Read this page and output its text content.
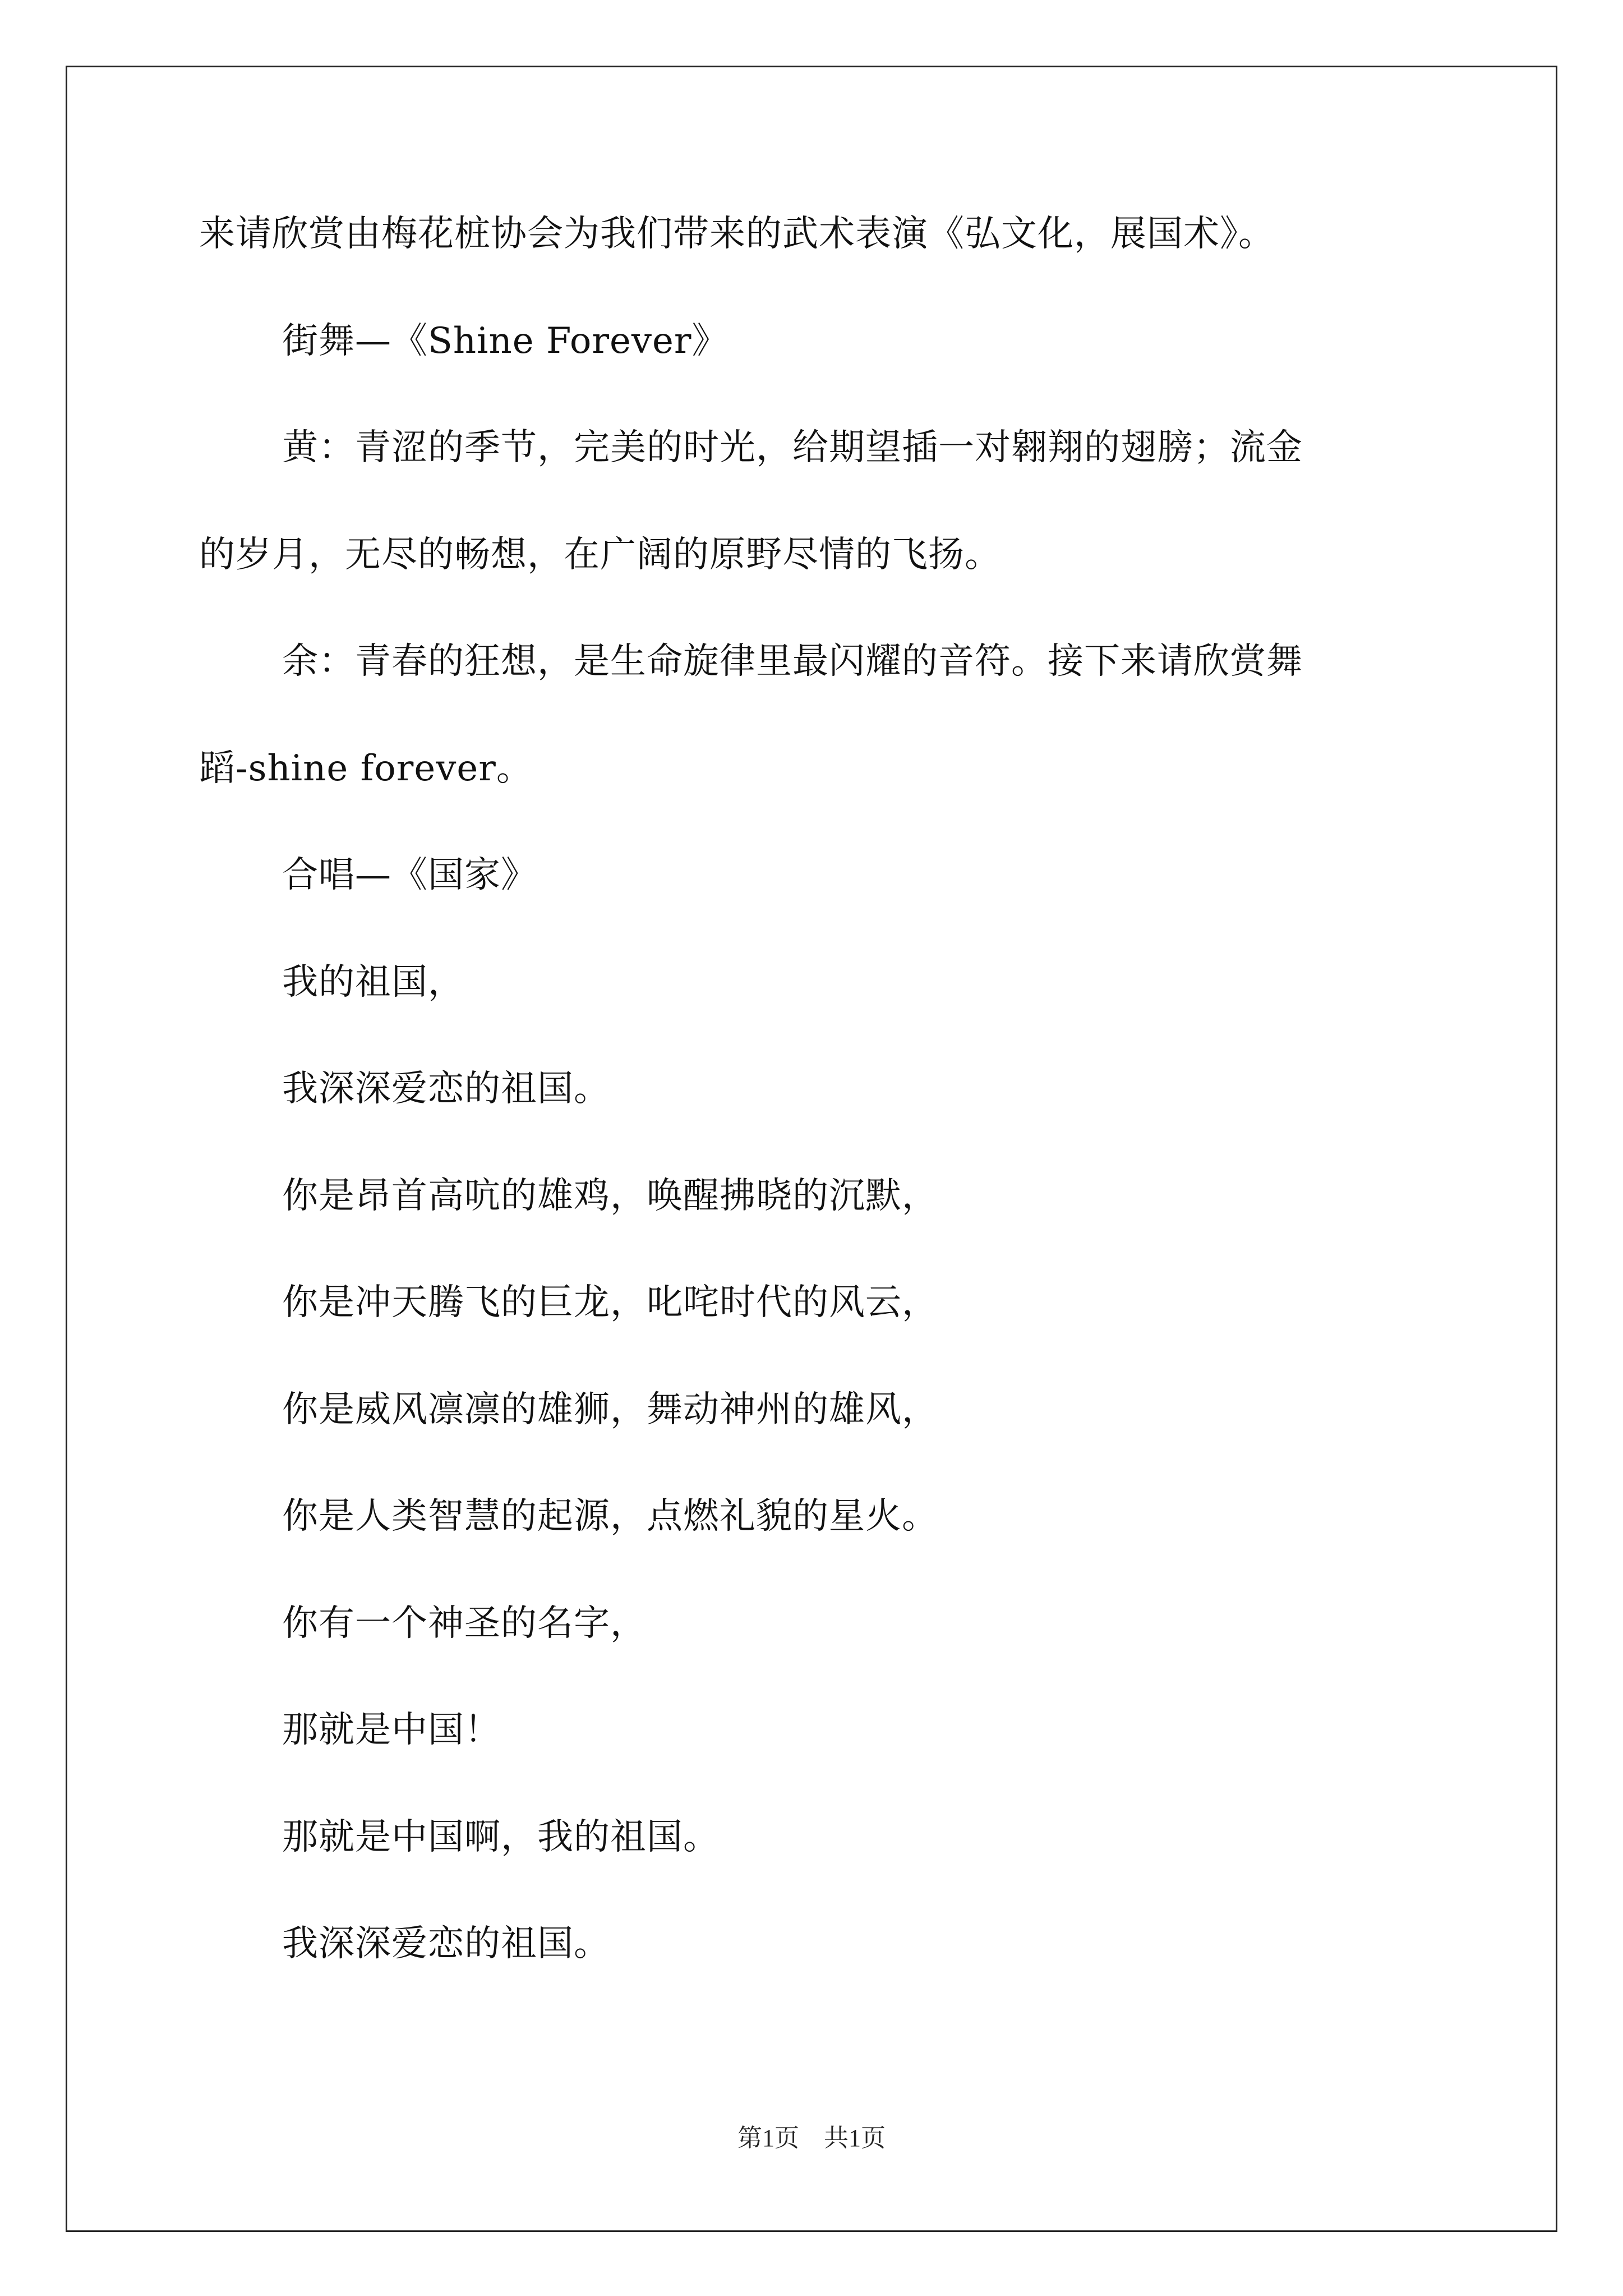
来请欣赏由梅花桩协会为我们带来的武术表演《弘文化，展国术》。
街舞—《Shine Forever》
黄：青涩的季节，完美的时光，给期望插一对翱翔的翅膀；流金
的岁月，无尽的畅想，在广阔的原野尽情的飞扬。
余：青春的狂想，是生命旋律里最闪耀的音符。接下来请欣赏舞
蹈-shine forever。
合唱—《国家》
我的祖国，
我深深爱恋的祖国。
你是昂首高吭的雄鸡，唤醒拂晓的沉默，
你是冲天腾飞的巨龙，叱咤时代的风云，
你是威风凛凛的雄狮，舞动神州的雄风，
你是人类智慧的起源，点燃礼貌的星火。
你有一个神圣的名字，
那就是中国！
那就是中国啊，我的祖国。
我深深爱恋的祖国。
第1页　共1页
